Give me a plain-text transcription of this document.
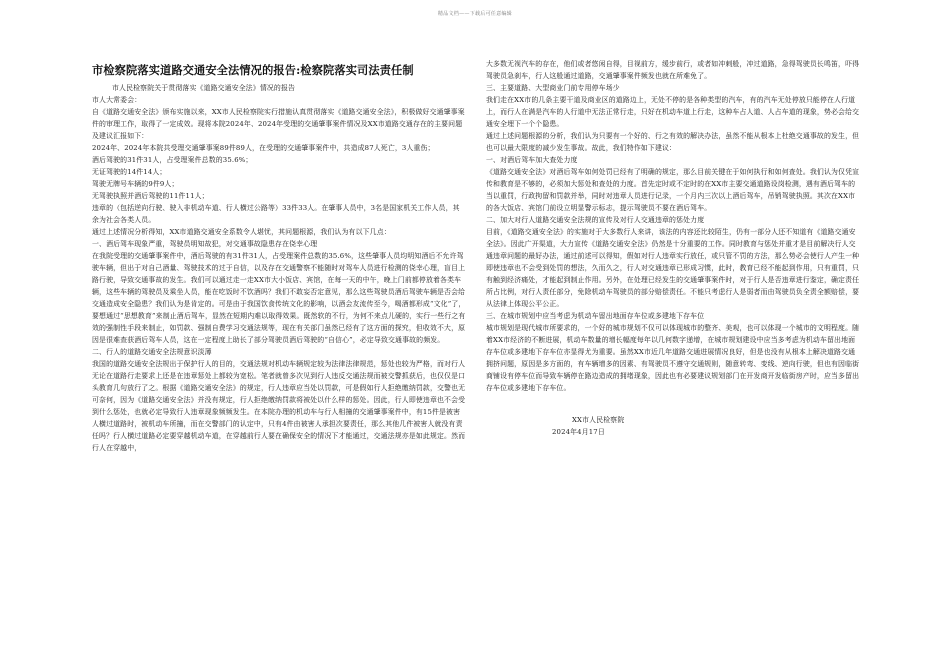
精品文档——下载后可任意编辑
市检察院落实道路交通安全法情况的报告:检察院落实司法责任制

市人民检察院关于贯彻落实《道路交通安全法》情况的报告

市人大常委会：

自《道路交通安全法》颁布实施以来，XX市人民检察院实行措施认真贯彻落实《道路交通安全法》，积极做好交通肇事案件的审理工作，取得了一定成效。现将本院2024年、2024年受理的交通肇事案件情况及XX市道路交通存在的主要问题及建议汇报如下：

2024年、2024年本院共受理交通肇事案89件89人，在受理的交通肇事案件中，共造成87人死亡，3人重伤；

酒后驾驶的31件31人，占受理案件总数的35.6%；

无证驾驶的14件14人；

驾驶无牌号车辆的9件9人；

无驾驶执照并酒后驾驶的11件11人；

违章的（包括逆向行驶、驶入非机动车道、行人横过公路等）33件33人。在肇事人员中，3名是国家机关工作人员，其余为社会各类人员。

通过上述情况分析得知，XX市道路交通安全系数令人堪忧，其问题根源，我们认为有以下几点：

一、酒后驾车现象严重，驾驶员明知故犯，对交通事故隐患存在侥幸心理

在我院受理的交通肇事案件中，酒后驾驶的有31件31人，占受理案件总数的35.6%，这些肇事人员均明知酒后不允许驾驶车辆，但出于对自己酒量、驾驶技术的过于自信，以及存在交通警察不能随时对驾车人员进行检测的侥幸心理，盲目上路行驶，导致交通事故的发生。我们可以通过走一走XX市大小饭店、宾馆，在每一天的中午，晚上门前都停放着各类车辆，这些车辆的驾驶员及乘坐人员，能在吃饭时不饮酒吗？我们不敢妄否定意见，那么这些驾驶员酒后驾驶车辆是否会给交通造成安全隐患？我们认为是肯定的。可是由于我国饮食传统文化的影响，以酒会友流传至今，喝酒都形成“文化”了，要想通过“思想教育”来制止酒后驾车，显然在短期内难以取得效果。既然软的不行，为何不来点儿硬的，实行一些行之有效的强制性手段来制止，如罚款、强制自费学习交通法规等，现在有关部门虽然已经有了这方面的探究，但收效不大，原因是很难查获酒后驾车人员，这在一定程度上助长了部分驾驶员酒后驾驶的“自信心”，必定导致交通事故的频发。

二、行人的道路交通安全法规意识淡薄

我国的道路交通安全法规出于保护行人的目的，交通法规对机动车辆规定较为法律法律规范，惩处也较为严格，而对行人无论在道路行走要求上还是在违章惩处上都较为宽松。笔者就曾多次见到行人违反交通法规而被交警抓获后，也仅仅是口头教育几句放行了之。根据《道路交通安全法》的规定，行人违章应当处以罚款，可是假如行人拒绝缴纳罚款，交警也无可奈何，因为《道路交通安全法》并没有规定，行人拒绝缴纳罚款将被处以什么样的惩处。因此，行人即使违章也不会受到什么惩处，也就必定导致行人违章现象频频发生。在本院办理的机动车与行人相撞的交通肇事案件中，有15件是被害人横过道路时，被机动车所撞，而在交警部门的认定中，只有4件由被害人承担次要责任，那么其他几件被害人就没有责任吗？行人横过道路必定要穿越机动车道，在穿越前行人要在确保安全的情况下才能通过，交通法规亦是如此规定。然而行人在穿越中，

大多数无视汽车的存在，他们或者悠闲自得，目视前方，缓步前行，或者如冲刺般，冲过道路，急得驾驶员长鸣笛，吓得驾驶员急刹车，行人这般通过道路，交通肇事案件频发也就在所难免了。

三、主要道路、大型商业门前专用停车场少

我们走在XX市的几条主要干道及商业区的道路边上，无处不停的是各种类型的汽车，有的汽车无处停放只能停在人行道上，而行人在满是汽车的人行道中无法正常行走，只好在机动车道上行走，这种车占人道、人占车道的现象，势必会给交通安全埋下一个个隐患。

通过上述问题根源的分析，我们认为只要有一个好的、行之有效的解决办法，虽然不能从根本上杜绝交通事故的发生，但也可以最大限度的减少发生事故。故此，我们特作如下建议：

一、对酒后驾车加大查处力度

《道路交通安全法》对酒后驾车如何处罚已经有了明确的规定，那么目前关键在于如何执行和如何查处。我们认为仅凭宣传和教育是不够的，必须加大惩处和查处的力度。首先定时或不定时的在XX市主要交通道路设岗检测，遇有酒后驾车的当以重罚，行政拘留和罚款并举，同时对违章人员进行记录，一个月内三次以上酒后驾车，吊销驾驶执照。其次在XX市的各大饭店、宾馆门前设立明显警示标志，提示驾驶员不要在酒后驾车。

二、加大对行人道路交通安全法规的宣传及对行人交通违章的惩处力度

目前，《道路交通安全法》的实施对于大多数行人来讲，该法的内容还比较陌生，仍有一部分人还不知道有《道路交通安全法》。因此广开渠道，大力宣传《道路交通安全法》仍然是十分重要的工作。同时教育与惩处并重才是目前解决行人交通违章问题的最好办法，通过前述可以得知，假如对行人违章实行放任，或只管不罚的方法，那么势必会使行人产生一种即使违章也不会受到处罚的想法，久而久之，行人对交通违章已形成习惯，此时，教育已经不能起到作用，只有重罚，只有触到经济痛处，才能起到制止作用。另外，在处理已经发生的交通肇事案件时，对于行人是否违章进行鉴定，确定责任所占比例，对行人责任部分，免除机动车驾驶员的部分赔偿责任。不能只考虑行人是弱者而由驾驶员负全责全额赔偿，要从法律上体现公平公正。

三、在城市规划中应当考虑为机动车留出地面存车位或多建地下存车位

城市规划是现代城市所要求的，一个好的城市规划不仅可以体现城市的整齐、美观，也可以体现一个城市的文明程度。随着XX市经济的不断进展，机动车数量的增长幅度每年以几何数字递增，在城市规划建设中应当多考虑为机动车留出地面存车位或多建地下存车位亦显得尤为重要。虽然XX市近几年道路交通进展情况良好，但是也没有从根本上解决道路交通拥挤问题，原因是多方面的，有车辆增多的因素、有驾驶员不遵守交通规则，随意转弯、变线、逆向行驶，但也有因临街商铺设有停车位而导致车辆停在路边造成的拥堵现象，因此也有必要建议规划部门在开发商开发临街房产时，应当多留出存车位或多建地下存车位。

XX市人民检察院

2024年4月17日
